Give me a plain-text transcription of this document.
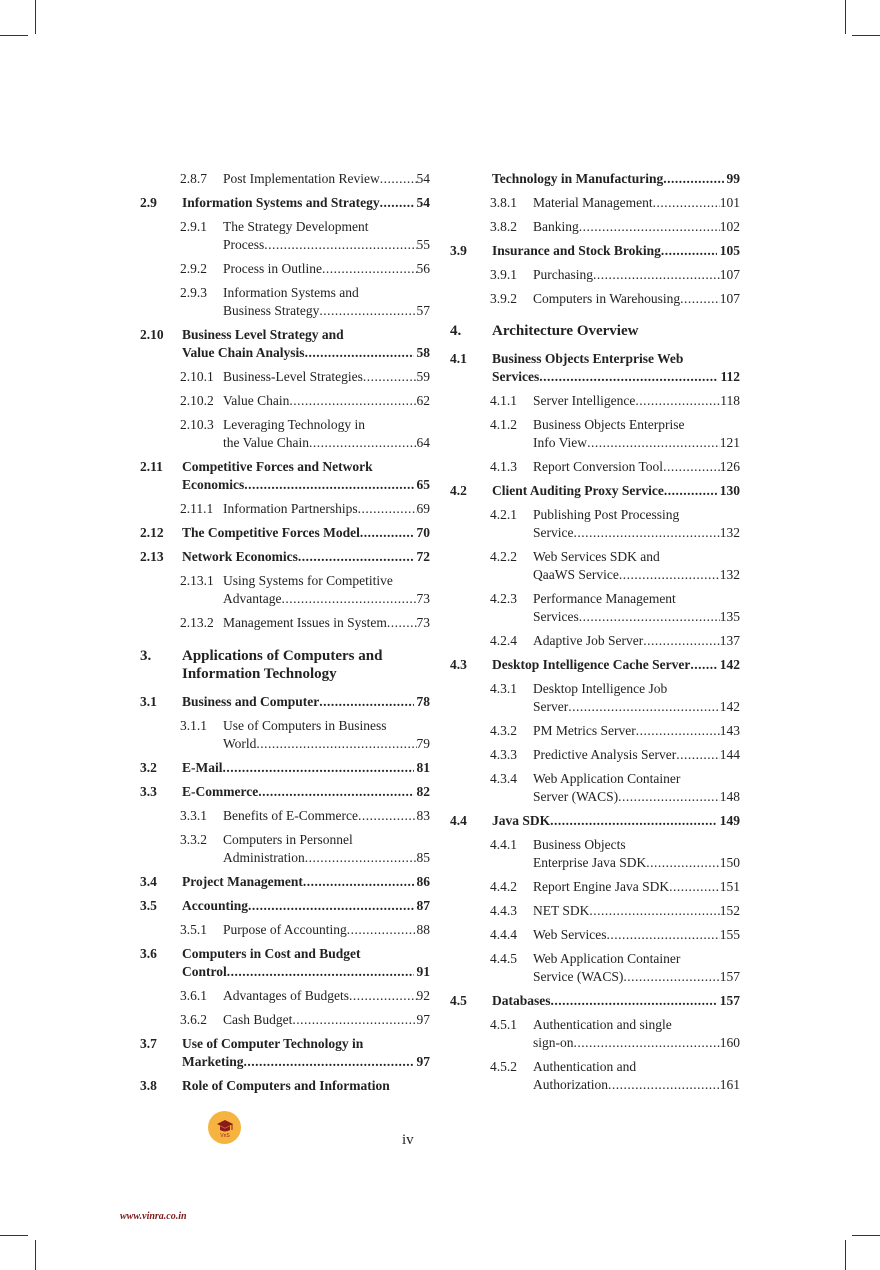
2.8.7	Post Implementation Review .....	54
2.9	Information Systems and Strategy .....	54
2.9.1	The Strategy Development
Process .....	55
2.9.2	Process in Outline .....	56
2.9.3	Information Systems and
Business Strategy .....	57
2.10	Business Level Strategy and
Value Chain Analysis .....	58
2.10.1 Business-Level Strategies .....	59
2.10.2 Value Chain .....	62
2.10.3 Leveraging Technology in
the Value Chain .....	64
2.11	Competitive Forces and Network
Economics .....	65
2.11.1 Information Partnerships .....	69
2.12	The Competitive Forces Model .....	70
2.13	Network Economics .....	72
2.13.1 Using Systems for Competitive
Advantage .....	73
2.13.2 Management Issues in System ..... 73
3.	Applications of Computers and
Information Technology
3.1	Business and Computer .....	78
3.1.1	Use of Computers in Business
World .....	79
3.2	E-Mail .....	81
3.3	E-Commerce .....	82
3.3.1	Benefits of E-Commerce .....	83
3.3.2	Computers in Personnel
Administration .....	85
3.4	Project Management .....	86
3.5	Accounting .....	87
3.5.1	Purpose of Accounting .....	88
3.6	Computers in Cost and Budget
Control .....	91
3.6.1	Advantages of Budgets .....	92
3.6.2	Cash Budget .....	97
3.7	Use of Computer Technology in
Marketing .....	97
3.8	Role of Computers and Information
Technology in Manufacturing .....	99
3.8.1	Material Management .....	101
3.8.2	Banking .....	102
3.9	Insurance and Stock Broking .....	105
3.9.1	Purchasing .....	107
3.9.2	Computers in Warehousing .....	107
4.	Architecture Overview
4.1	Business Objects Enterprise Web
Services .....	112
4.1.1	Server Intelligence .....	118
4.1.2	Business Objects Enterprise
Info View .....	121
4.1.3	Report Conversion Tool .....	126
4.2	Client Auditing Proxy Service .....	130
4.2.1	Publishing Post Processing
Service .....	132
4.2.2	Web Services SDK and
QaaWS Service .....	132
4.2.3	Performance Management
Services .....	135
4.2.4	Adaptive Job Server .....	137
4.3	Desktop Intelligence Cache Server ..... 142
4.3.1	Desktop Intelligence Job
Server .....	142
4.3.2	PM Metrics Server .....	143
4.3.3	Predictive Analysis Server .....	144
4.3.4	Web Application Container
Server (WACS) .....	148
4.4	Java SDK .....	149
4.4.1	Business Objects
Enterprise Java SDK .....	150
4.4.2	Report Engine Java SDK .....	151
4.4.3	NET SDK .....	152
4.4.4	Web Services .....	155
4.4.5	Web Application Container
Service (WACS) .....	157
4.5	Databases .....	157
4.5.1	Authentication and single
sign-on .....	160
4.5.2	Authentication and
Authorization .....	161
VnS	iv
www.vinra.co.in
